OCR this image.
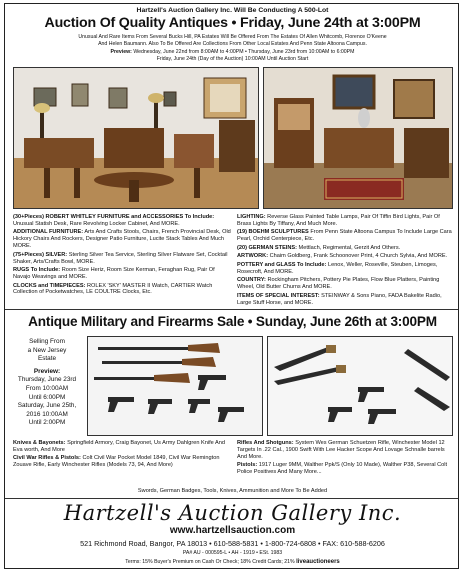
Hartzell's Auction Gallery Inc. Will Be Conducting A 500-Lot
Auction Of Quality Antiques • Friday, June 24th at 3:00PM
Unusual And Rare Items From Several Bucks Hill, PA Estates Will Be Offered From The Estates Of Allen Whitcomb, Florence O'Keene
And Helen Baumann. Also To Be Offered Are Collections From Other Local Estates And Penn State Altoona Campus.
Preview: Wednesday, June 22nd from 8:00AM to 4:00PM • Thursday, June 23rd from 10:00AM to 6:00PM
Friday, June 24th (Day of the Auction) 10:00AM Until Auction Start

(30+Pieces) ROBERT WHITLEY FURNITURE and ACCESSORIES To Include: Unusual Statish Desk, Rare Revolving Locker Cabinet, And MORE.

ADDITIONAL FURNITURE: Arts And Crafts Stools, Chairs, French Provincial Desk, Old Hickory Chairs And Rockers, Designer Patio Furniture, Lucite Stack Tables And Much MORE.

(75+Pieces) SILVER: Sterling Silver Tea Service, Sterling Silver Flatware Set, Cocktail Shaker, Arts/Crafts Bowl, MORE.

RUGS To Include: Room Size Heriz, Room Size Kerman, Feraghan Rug, Pair Of Navajo Weavings and MORE.

CLOCKS and TIMEPIECES: ROLEX 'SKY' MASTER II Watch, CARTIER Watch Collection of Pocketwatches, LE COULTRE Clocks, Etc.

LIGHTING: Reverse Glass Painted Table Lamps, Pair Of Tiffin Bird Lights, Pair Of Brass Lights By Tiffany, And Much More.

(19) BOEHM SCULPTURES From Penn State Altoona Campus To Include Large Cara Pearl, Orchid Centerpiece, Etc.

(20) GERMAN STEINS: Mettlach, Regimental, Gerzit And Others.

ARTWORK: Chaim Goldberg, Frank Schoonover Print, 4 Church Sylvia, And MORE.

POTTERY and GLASS To Include: Lenox, Weller, Roseville, Steuben, Limoges, Rosecroft, And MORE.

COUNTRY: Rockingham Pitchers, Pottery Pie Plates, Flow Blue Platters, Painting Wheel, Old Butter Churns And MORE.

ITEMS OF SPECIAL INTEREST: STEINWAY & Sons Piano, FADA Bakelite Radio, Large Stuff Horse, and MORE.

Antique Military and Firearms Sale • Sunday, June 26th at 3:00PM
Selling From
a New Jersey
Estate
Preview:
Thursday, June 23rd
From 10:00AM
Until 6:00PM
Saturday, June 25th,
2016 10:00AM
Until 2:00PM

Knives & Bayonets: Springfield Armory, Craig Bayonet, Us Army Dahlgren Knife And Eva worth, And More

Civil War Rifles & Pistols: Colt Civil War Pocket Model 1849, Civil War Remington Zouave Rifle, Early Winchester Rifles (Models 73, 94, And More)

Rifles And Shotguns: System Wes German Schuetzen Rifle, Winchester Model 12 Targets In .22 Cal., 1900 Swift With Lee Hacker Scope And Lovage Schnalle barrels And More.

Pistols: 1917 Luger 9MM, Walther Ppk/S (Only 10 Made), Walther P38, Several Colt Police Positives And Many More...

Swords, German Badges, Tools, Knives, Ammunition and More To Be Added
Hartzell's Auction Gallery Inc.
www.hartzellsauction.com
521 Richmond Road, Bangor, PA 18013 • 610-588-5831 • 1-800-724-6808 • FAX: 610-588-6206
PA# AU - 000595-L • AH - 1919 • ESt. 1983
Terms: 15% Buyer's Premium on Cash Or Check; 18% Credit Cards; 21% liveauctioneers
